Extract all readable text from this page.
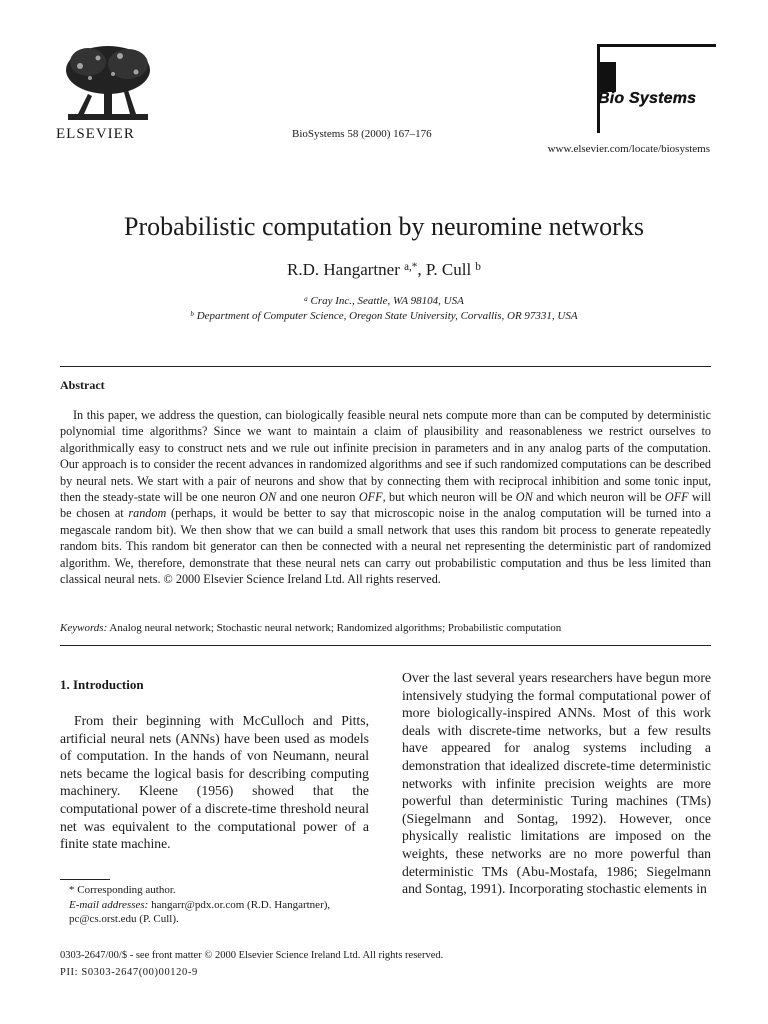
ELSEVIER	BioSystems 58 (2000) 167–176
Bio Systems
www.elsevier.com/locate/biosystems
Probabilistic computation by neuromine networks
R.D. Hangartner $^{a,*}$, P. Cull $^b$
$^a$ Cray Inc., Seattle, WA 98104, USA
$^b$ Department of Computer Science, Oregon State University, Corvallis, OR 97331, USA
Abstract
In this paper, we address the question, can biologically feasible neural nets compute more than can be computed by deterministic polynomial time algorithms? Since we want to maintain a claim of plausibility and reasonableness we restrict ourselves to algorithmically easy to construct nets and we rule out infinite precision in parameters and in any analog parts of the computation. Our approach is to consider the recent advances in randomized algorithms and see if such randomized computations can be described by neural nets. We start with a pair of neurons and show that by connecting them with reciprocal inhibition and some tonic input, then the steady-state will be one neuron ON and one neuron OFF, but which neuron will be ON and which neuron will be OFF will be chosen at random (perhaps, it would be better to say that microscopic noise in the analog computation will be turned into a megascale random bit). We then show that we can build a small network that uses this random bit process to generate repeatedly random bits. This random bit generator can then be connected with a neural net representing the deterministic part of randomized algorithm. We, therefore, demonstrate that these neural nets can carry out probabilistic computation and thus be less limited than classical neural nets. © 2000 Elsevier Science Ireland Ltd. All rights reserved.
Keywords: Analog neural network; Stochastic neural network; Randomized algorithms; Probabilistic computation
1. Introduction
From their beginning with McCulloch and Pitts, artificial neural nets (ANNs) have been used as models of computation. In the hands of von Neumann, neural nets became the logical basis for describing computing machinery. Kleene (1956) showed that the computational power of a discrete-time threshold neural net was equivalent to the computational power of a finite state machine.
Over the last several years researchers have begun more intensively studying the formal computational power of more biologically-inspired ANNs. Most of this work deals with discrete-time networks, but a few results have appeared for analog systems including a demonstration that idealized discrete-time deterministic networks with infinite precision weights are more powerful than deterministic Turing machines (TMs) (Siegelmann and Sontag, 1992). However, once physically realistic limitations are imposed on the weights, these networks are no more powerful than deterministic TMs (Abu-Mostafa, 1986; Siegelmann and Sontag, 1991). Incorporating stochastic elements in
* Corresponding author.
E-mail addresses: hangarr@pdx.or.com (R.D. Hangartner), pc@cs.orst.edu (P. Cull).
0303-2647/00/$ - see front matter © 2000 Elsevier Science Ireland Ltd. All rights reserved.
PII: S0303-2647(00)00120-9
